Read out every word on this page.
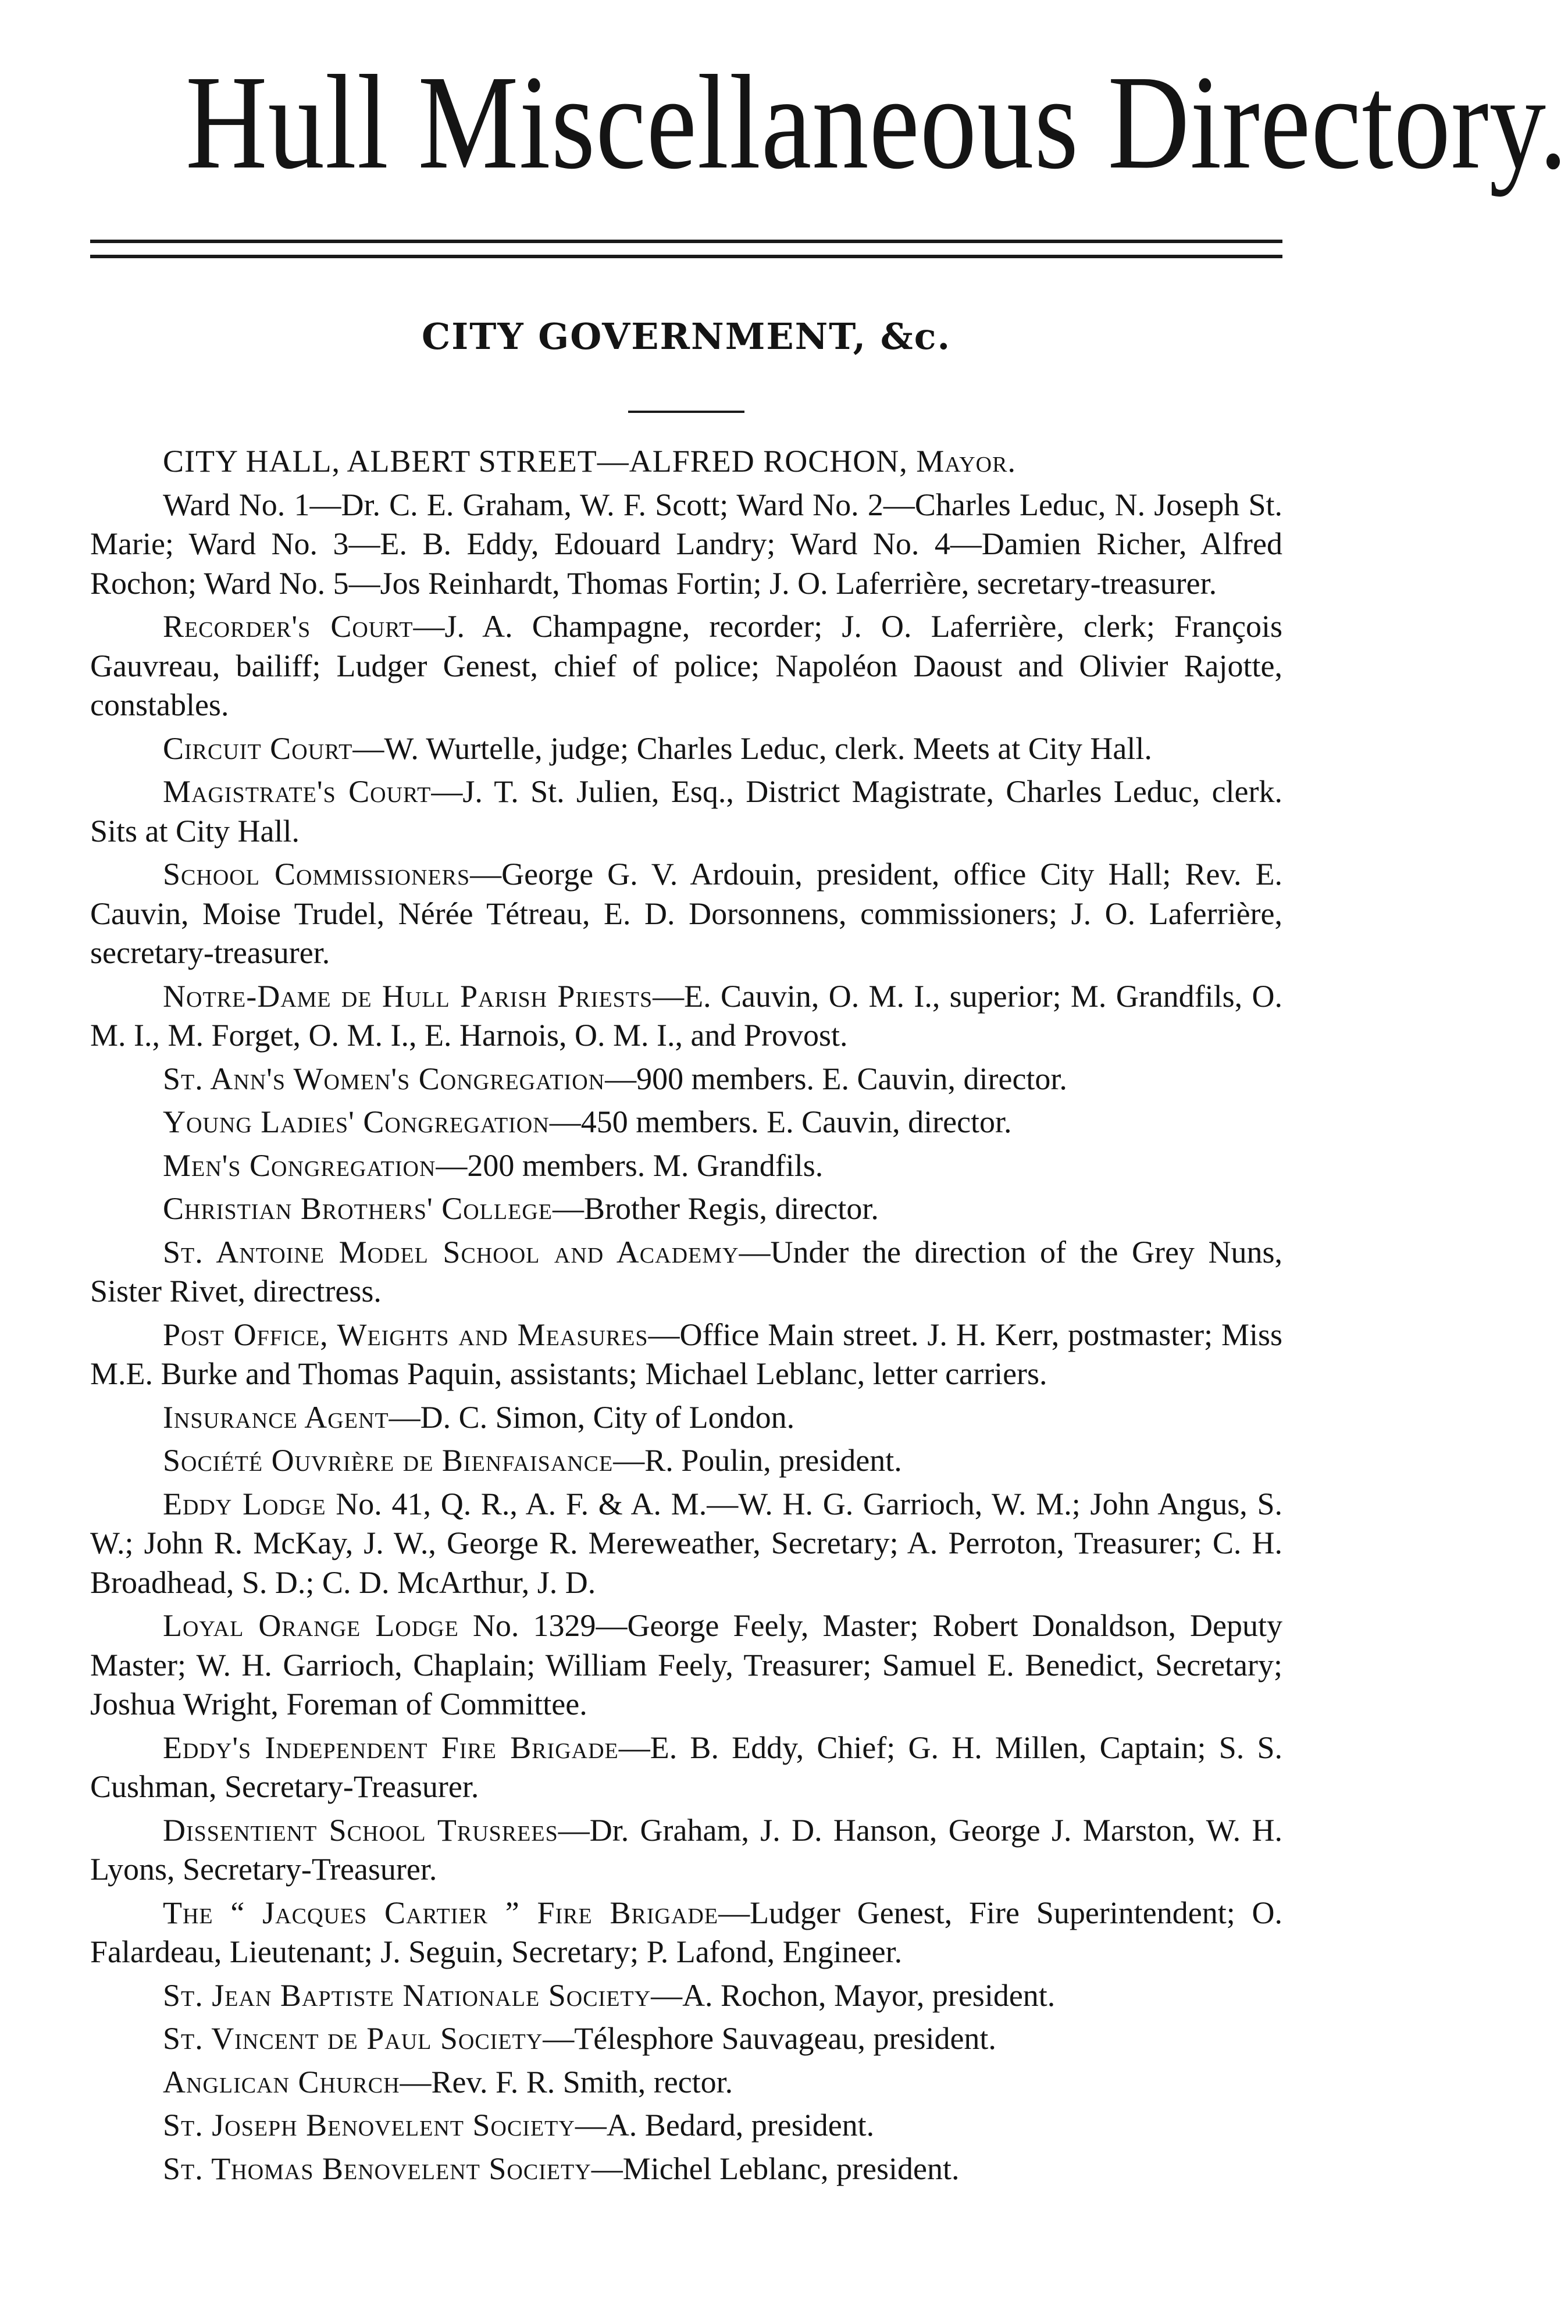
Hull Miscellaneous Directory.
CITY GOVERNMENT, &c.

CITY HALL, ALBERT STREET—ALFRED ROCHON, Mayor.

Ward No. 1—Dr. C. E. Graham, W. F. Scott; Ward No. 2—Charles Leduc, N. Joseph St. Marie; Ward No. 3—E. B. Eddy, Edouard Landry; Ward No. 4—Damien Richer, Alfred Rochon; Ward No. 5—Jos Reinhardt, Thomas Fortin; J. O. Laferrière, secretary-treasurer.

Recorder's Court—J. A. Champagne, recorder; J. O. Laferrière, clerk; François Gauvreau, bailiff; Ludger Genest, chief of police; Napoléon Daoust and Olivier Rajotte, constables.

Circuit Court—W. Wurtelle, judge; Charles Leduc, clerk. Meets at City Hall.

Magistrate's Court—J. T. St. Julien, Esq., District Magistrate, Charles Leduc, clerk. Sits at City Hall.

School Commissioners—George G. V. Ardouin, president, office City Hall; Rev. E. Cauvin, Moise Trudel, Nérée Tétreau, E. D. Dorsonnens, commissioners; J. O. Laferrière, secretary-treasurer.

Notre-Dame de Hull Parish Priests—E. Cauvin, O. M. I., superior; M. Grandfils, O. M. I., M. Forget, O. M. I., E. Harnois, O. M. I., and Provost.

St. Ann's Women's Congregation—900 members. E. Cauvin, director.

Young Ladies' Congregation—450 members. E. Cauvin, director.

Men's Congregation—200 members. M. Grandfils.

Christian Brothers' College—Brother Regis, director.

St. Antoine Model School and Academy—Under the direction of the Grey Nuns, Sister Rivet, directress.

Post Office, Weights and Measures—Office Main street. J. H. Kerr, postmaster; Miss M.E. Burke and Thomas Paquin, assistants; Michael Leblanc, letter carriers.

Insurance Agent—D. C. Simon, City of London.

Société Ouvrière de Bienfaisance—R. Poulin, president.

Eddy Lodge No. 41, Q. R., A. F. & A. M.—W. H. G. Garrioch, W. M.; John Angus, S. W.; John R. McKay, J. W., George R. Mereweather, Secretary; A. Perroton, Treasurer; C. H. Broadhead, S. D.; C. D. McArthur, J. D.

Loyal Orange Lodge No. 1329—George Feely, Master; Robert Donaldson, Deputy Master; W. H. Garrioch, Chaplain; William Feely, Treasurer; Samuel E. Benedict, Secretary; Joshua Wright, Foreman of Committee.

Eddy's Independent Fire Brigade—E. B. Eddy, Chief; G. H. Millen, Captain; S. S. Cushman, Secretary-Treasurer.

Dissentient School Trusrees—Dr. Graham, J. D. Hanson, George J. Marston, W. H. Lyons, Secretary-Treasurer.

The “ Jacques Cartier ” Fire Brigade—Ludger Genest, Fire Superintendent; O. Falardeau, Lieutenant; J. Seguin, Secretary; P. Lafond, Engineer.

St. Jean Baptiste Nationale Society—A. Rochon, Mayor, president.

St. Vincent de Paul Society—Télesphore Sauvageau, president.

Anglican Church—Rev. F. R. Smith, rector.

St. Joseph Benovelent Society—A. Bedard, president.

St. Thomas Benovelent Society—Michel Leblanc, president.
